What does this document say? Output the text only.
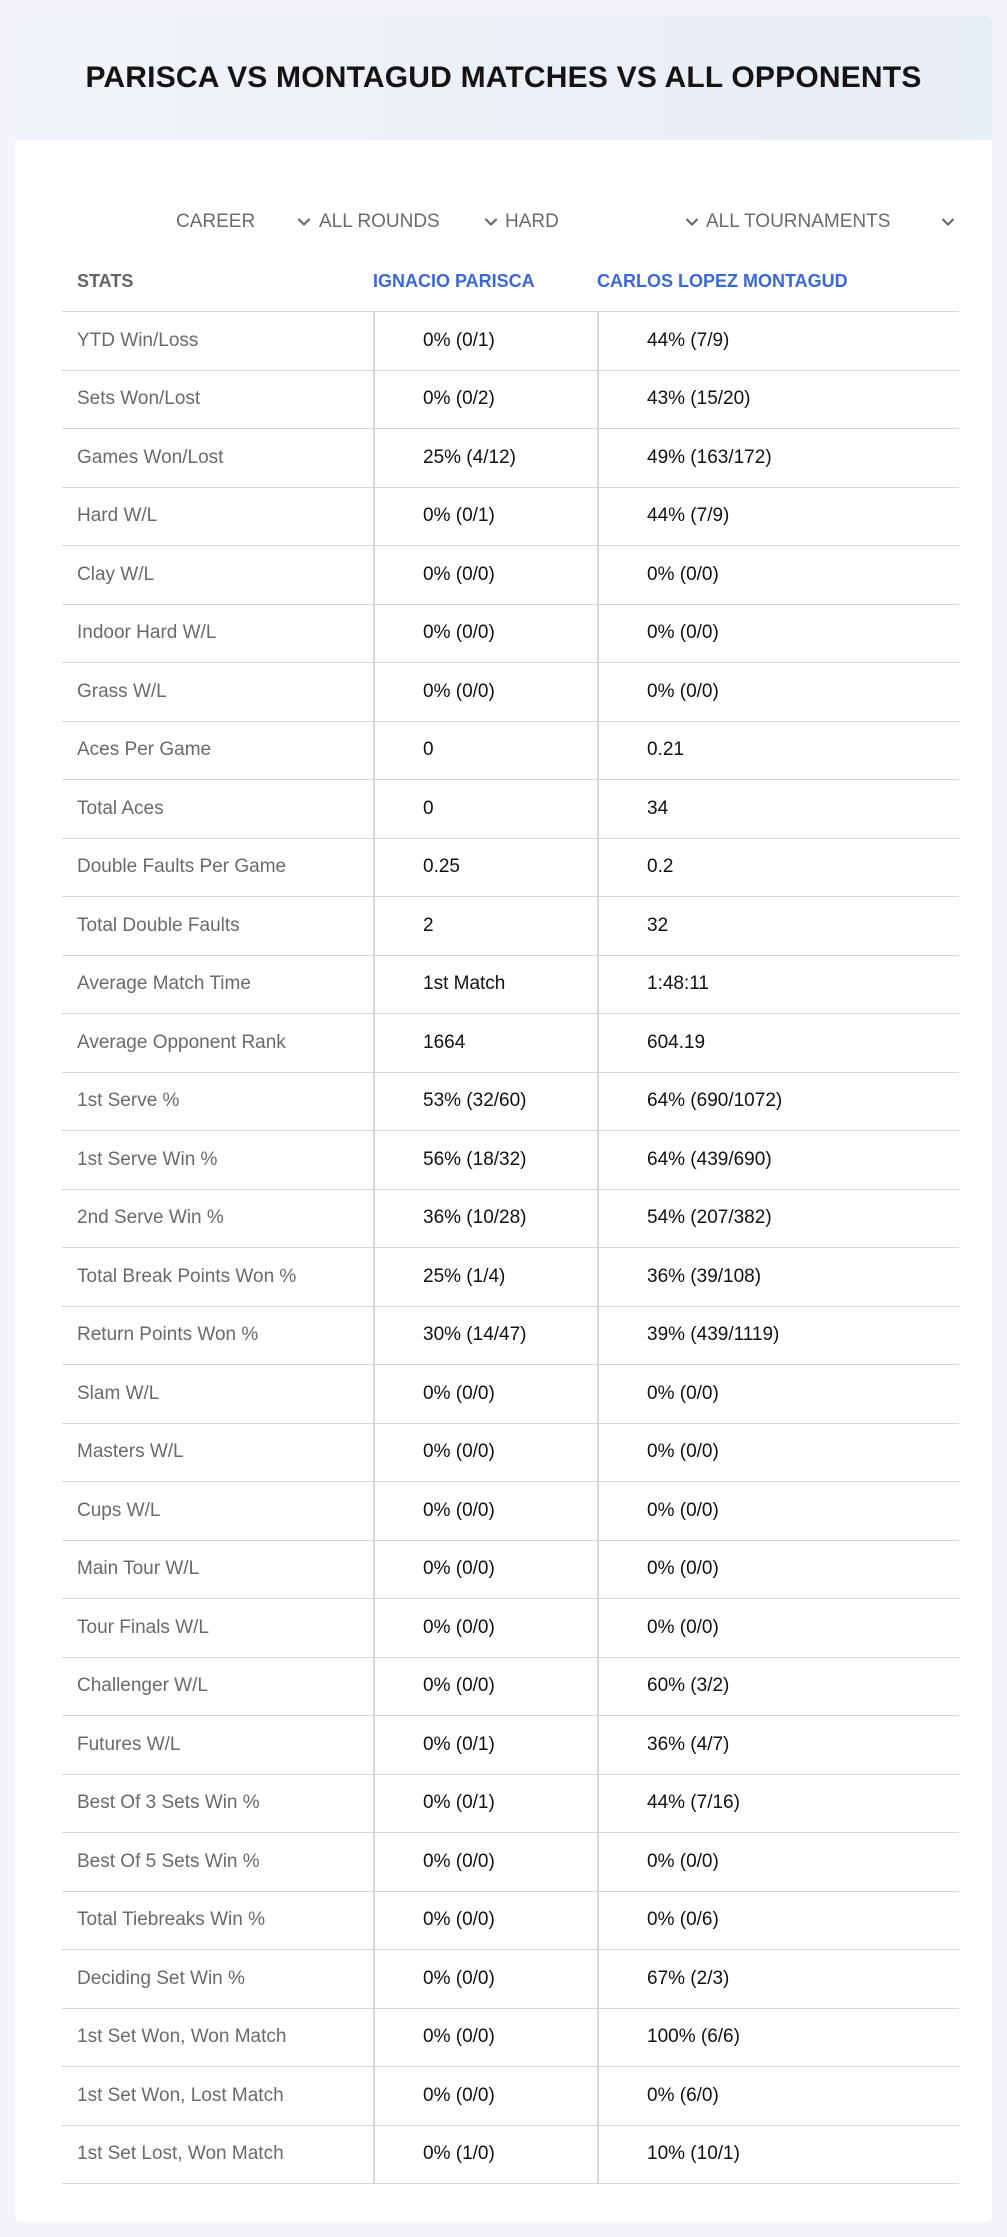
PARISCA VS MONTAGUD MATCHES VS ALL OPPONENTS
CAREER	ALL ROUNDS	HARD	ALL TOURNAMENTS
STATS	IGNACIO PARISCA	CARLOS LOPEZ MONTAGUD
YTD Win/Loss	0% (0/1)	44% (7/9)
Sets Won/Lost	0% (0/2)	43% (15/20)
Games Won/Lost	25% (4/12)	49% (163/172)
Hard W/L	0% (0/1)	44% (7/9)
Clay W/L	0% (0/0)	0% (0/0)
Indoor Hard W/L	0% (0/0)	0% (0/0)
Grass W/L	0% (0/0)	0% (0/0)
Aces Per Game	0	0.21
Total Aces	0	34
Double Faults Per Game	0.25	0.2
Total Double Faults	2	32
Average Match Time	1st Match	1:48:11
Average Opponent Rank	1664	604.19
1st Serve %	53% (32/60)	64% (690/1072)
1st Serve Win %	56% (18/32)	64% (439/690)
2nd Serve Win %	36% (10/28)	54% (207/382)
Total Break Points Won %	25% (1/4)	36% (39/108)
Return Points Won %	30% (14/47)	39% (439/1119)
Slam W/L	0% (0/0)	0% (0/0)
Masters W/L	0% (0/0)	0% (0/0)
Cups W/L	0% (0/0)	0% (0/0)
Main Tour W/L	0% (0/0)	0% (0/0)
Tour Finals W/L	0% (0/0)	0% (0/0)
Challenger W/L	0% (0/0)	60% (3/2)
Futures W/L	0% (0/1)	36% (4/7)
Best Of 3 Sets Win %	0% (0/1)	44% (7/16)
Best Of 5 Sets Win %	0% (0/0)	0% (0/0)
Total Tiebreaks Win %	0% (0/0)	0% (0/6)
Deciding Set Win %	0% (0/0)	67% (2/3)
1st Set Won, Won Match	0% (0/0)	100% (6/6)
1st Set Won, Lost Match	0% (0/0)	0% (6/0)
1st Set Lost, Won Match	0% (1/0)	10% (10/1)
